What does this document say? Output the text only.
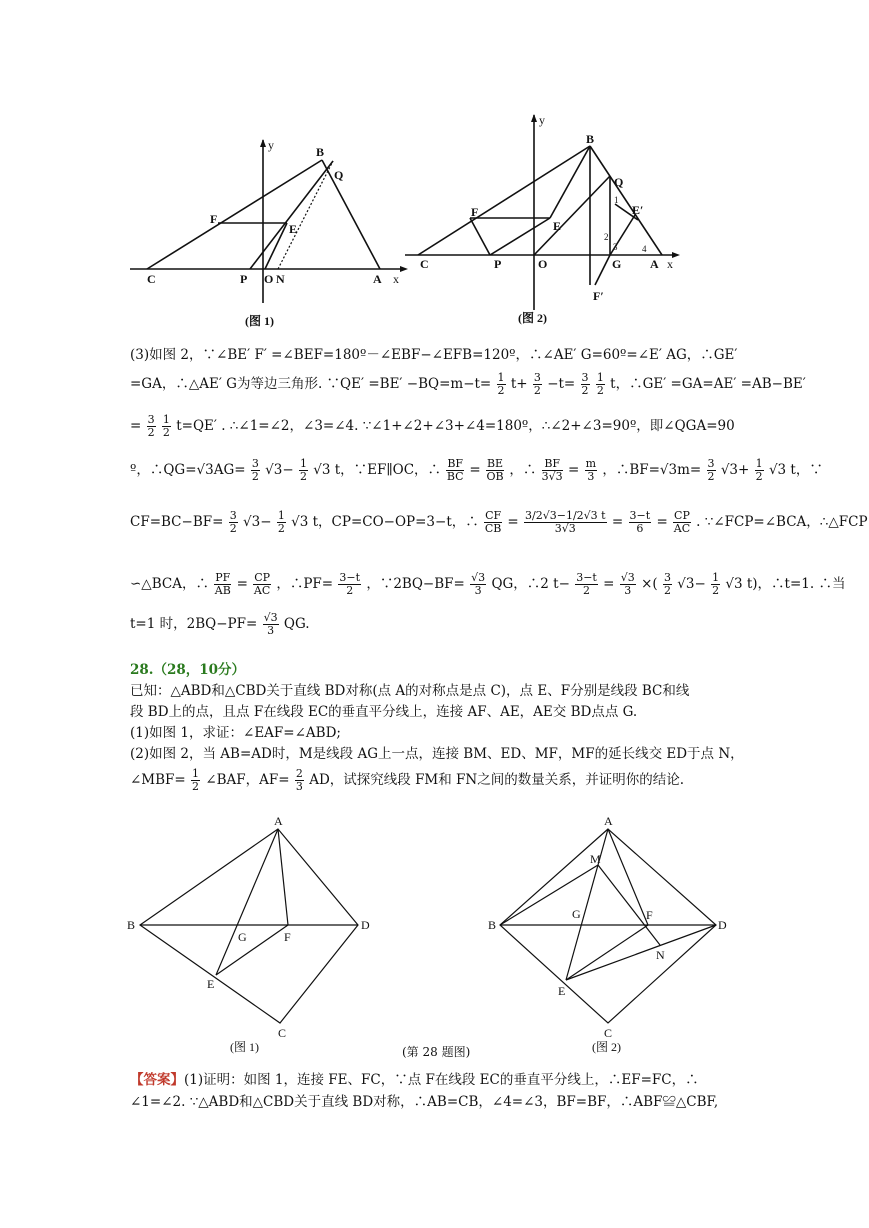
y
x
B
Q
F
E
C	P O N	A
(图 1)
y
x
B
Q
F
E
E′
C	P	O	G A
F′
1
2
3	4
(图 2)
(3)如图 2，∵∠BE′ F′ =∠BEF=180º－∠EBF−∠EFB=120º，∴∠AE′ G=60º=∠E′ AG，∴GE′
=GA，∴△AE′ G为等边三角形. ∵QE′ $=BE' -BQ=m-t= \frac{1}{2} t+ \frac{3}{2} -t= \frac{3}{2}$
$\frac{1}{2}$ t，∴GE′ =GA=AE′ =AB−BE′
= $\frac{3}{2}$
$\frac{1}{2} t=QE'$ . ∴∠1=∠2，∠3=∠4. ∵∠1+∠2+∠3+∠4=180º，∴∠2+∠3=90º，即∠QGA=90
º，∴QG=√3AG= $\frac{3}{2} √3- \frac{1}{2} √3$ t，∵EF∥OC，∴ $\frac{BF}{BC} = \frac{BE}{OB}$ ，∴ $\frac{BF}{3√3} = \frac{m}{3}$ ，∴BF=√3m= $\frac{3}{2} √3+ \frac{1}{2} √3$ t，∵
$CF=BC-BF= \frac{3}{2} √3- \frac{1}{2} √3$ t，CP=CO−OP=3−t，∴ $\frac{CF}{CB} = \frac{3/2√3-1/2√3 t}{3√3} = \frac{3-t}{6} = \frac{CP}{AC}$ . ∵∠FCP=∠BCA，∴△FCP
∽△BCA，∴ $\frac{PF}{AB} = \frac{CP}{AC}$ ，∴PF= $\frac{3-t}{2}$ ，∵2BQ−BF= $\frac{√3}{3}$ QG，∴2 $t- \frac{3-t}{2} = \frac{√3}{3}$ ×( $\frac{3}{2} √3- \frac{1}{2} √3$ t)，∴t=1. ∴当
t=1 时，$2BQ-PF= \frac{√3}{3}$ QG.
28.（28，10分）
已知：△ABD和△CBD关于直线 BD对称(点 A的对称点是点 C)，点 E、F分别是线段 BC和线
段 BD上的点，且点 F在线段 EC的垂直平分线上，连接 AF、AE，AE交 BD点点 G.
(1)如图 1，求证：∠EAF=∠ABD;
(2)如图 2，当 AB=AD时，M是线段 AG上一点，连接 BM、ED、MF，MF的延长线交 ED于点 N，
∠MBF= $\frac{1}{2}$ ∠BAF，$AF= \frac{2}{3}$ AD，试探究线段 FM和 FN之间的数量关系，并证明你的结论.
A
B	D
C
G	F
E
(图 1)	(第 28 题图)
A
M
B	D
G	F
N
E
C
(图 2)
【答案】(1)证明：如图 1，连接 FE、FC，∵点 F在线段 EC的垂直平分线上，∴EF=FC，∴
∠1=∠2. ∵△ABD和△CBD关于直线 BD对称，∴AB=CB，∠4=∠3，BF=BF，∴ABF≌△CBF,
